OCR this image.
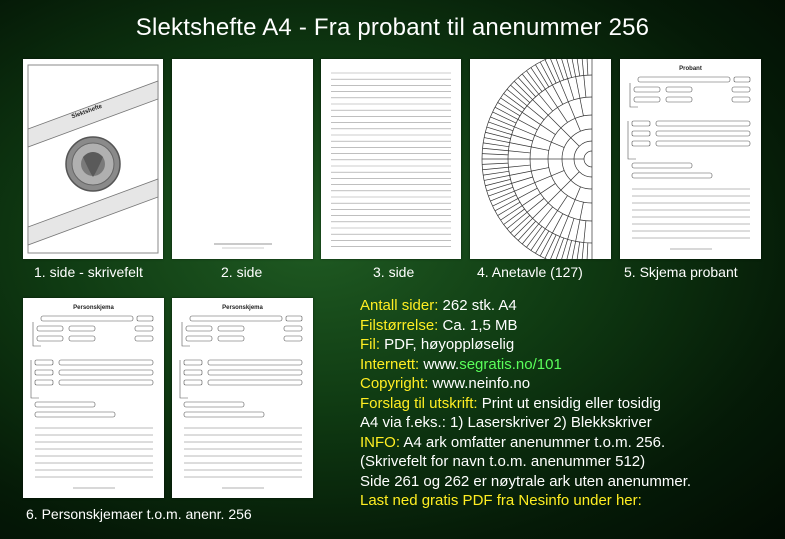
Slektshefte A4 - Fra probant til anenummer 256
Slektshefte
Probant
Personskjema	Personskjema
1. side - skrivefelt	2. side	3. side	4. Anetavle (127)	5. Skjema probant
6. Personskjemaer t.o.m. anenr. 256
Antall sider: 262 stk. A4
Filstørrelse: Ca. 1,5 MB
Fil: PDF, høyoppløselig
Internett: www.segratis.no/101
Copyright: www.neinfo.no
Forslag til utskrift: Print ut ensidig eller tosidig
A4 via f.eks.: 1) Laserskriver 2) Blekkskriver
INFO: A4 ark omfatter anenummer t.o.m. 256.
(Skrivefelt for navn t.o.m. anenummer 512)
Side 261 og 262 er nøytrale ark uten anenummer.
Last ned gratis PDF fra Nesinfo under her:
